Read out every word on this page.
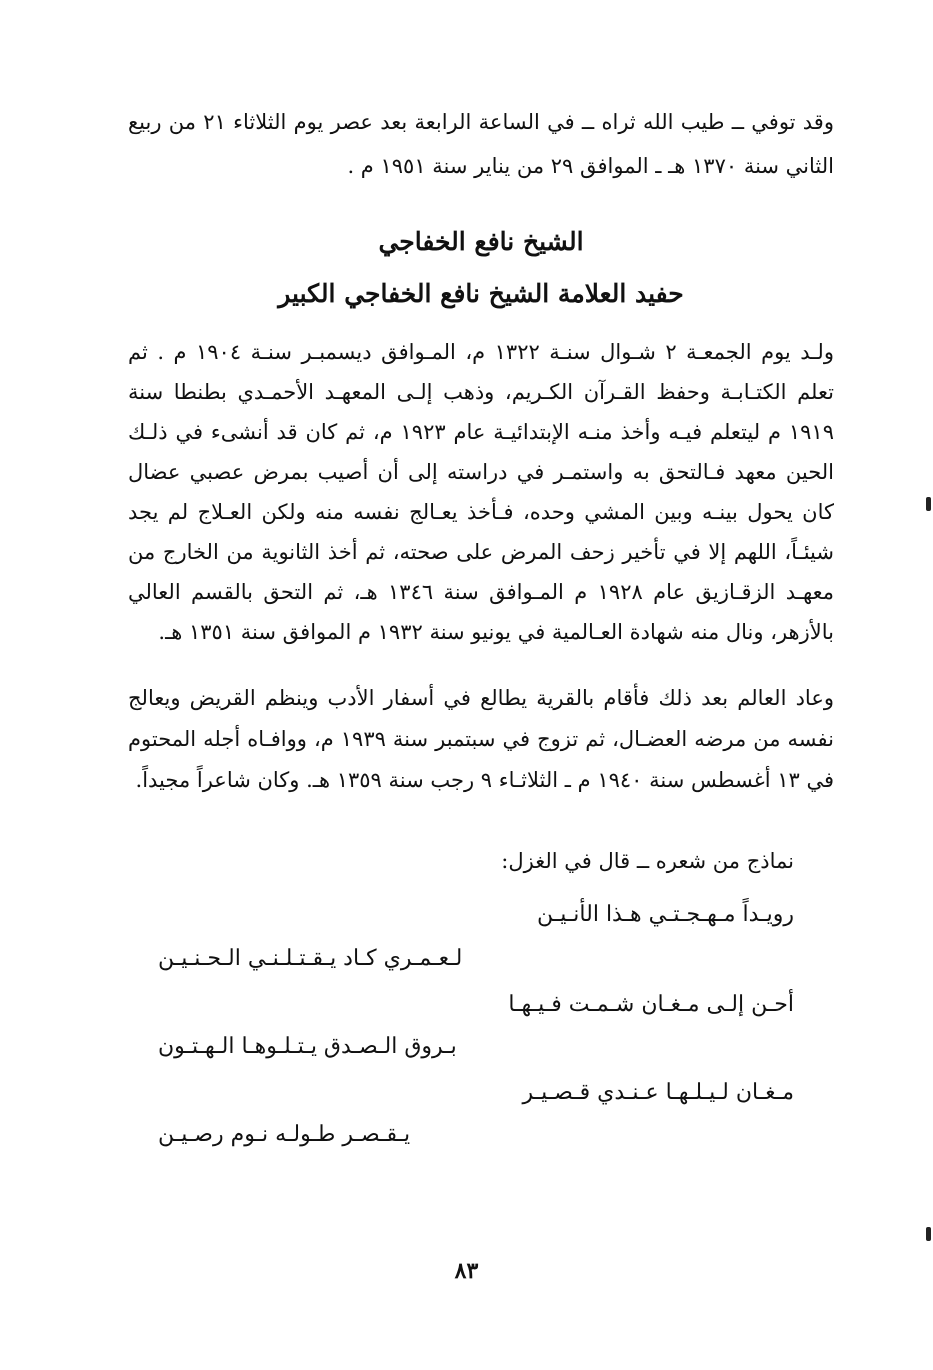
وقد توفي ــ طيب الله ثراه ــ في الساعة الرابعة بعد عصر يوم الثلاثاء ٢١ من ربيع الثاني سنة ١٣٧٠ هـ ـ الموافق ٢٩ من يناير سنة ١٩٥١ م .

الشيخ نافع الخفاجي
حفيد العلامة الشيخ نافع الخفاجي الكبير

ولـد يوم الجمعـة ٢ شـوال سنـة ١٣٢٢ م، المـوافق ديسمبـر سنـة ١٩٠٤ م . ثم تعلم الكتـابـة وحفظ القـرآن الكـريم، وذهب إلـى المعهـد الأحمـدي بطنطا سنة ١٩١٩ م ليتعلم فيـه وأخذ منـه الإبتدائيـة عام ١٩٢٣ م، ثم كان قد أنشىء في ذلـك الحين معهد فـالتحق به واستمـر في دراسته إلى أن أصيب بمرض عصبي عضال كان يحول بينـه وبين المشي وحده، فـأخذ يعـالج نفسه منه ولكن العـلاج لم يجد شيئـاً، اللهم إلا في تأخير زحف المرض على صحته، ثم أخذ الثانوية من الخارج من معهـد الزقـازيق عام ١٩٢٨ م المـوافق سنة ١٣٤٦ هـ، ثم التحق بالقسم العالي بالأزهر، ونال منه شهادة العـالمية في يونيو سنة ١٩٣٢ م الموافق سنة ١٣٥١ هـ.

وعاد العالم بعد ذلك فأقام بالقرية يطالع في أسفار الأدب وينظم القريض ويعالج نفسه من مرضه العضـال، ثم تزوج في سبتمبر سنة ١٩٣٩ م، ووافـاه أجله المحتوم في ١٣ أغسطس سنة ١٩٤٠ م ـ الثلاثـاء ٩ رجب سنة ١٣٥٩ هـ. وكان شاعراً مجيداً.

نماذج من شعره ــ قال في الغزل:
رويـداً مـهـجـتـي هـذا الأنـيـن
لـعـمـري كـاد يـقـتـلـنـي الـحـنـيـن
أحـن إلـى مـغـان شـمـت فـيـهـا
بـروق الـصـدق يـتـلـوهـا الـهـتـون
مـغـان لـيـلـهـا عـنـدي قـصـيـر
يـقـصـر طـولـه نـوم رصـيـن
٨٣
